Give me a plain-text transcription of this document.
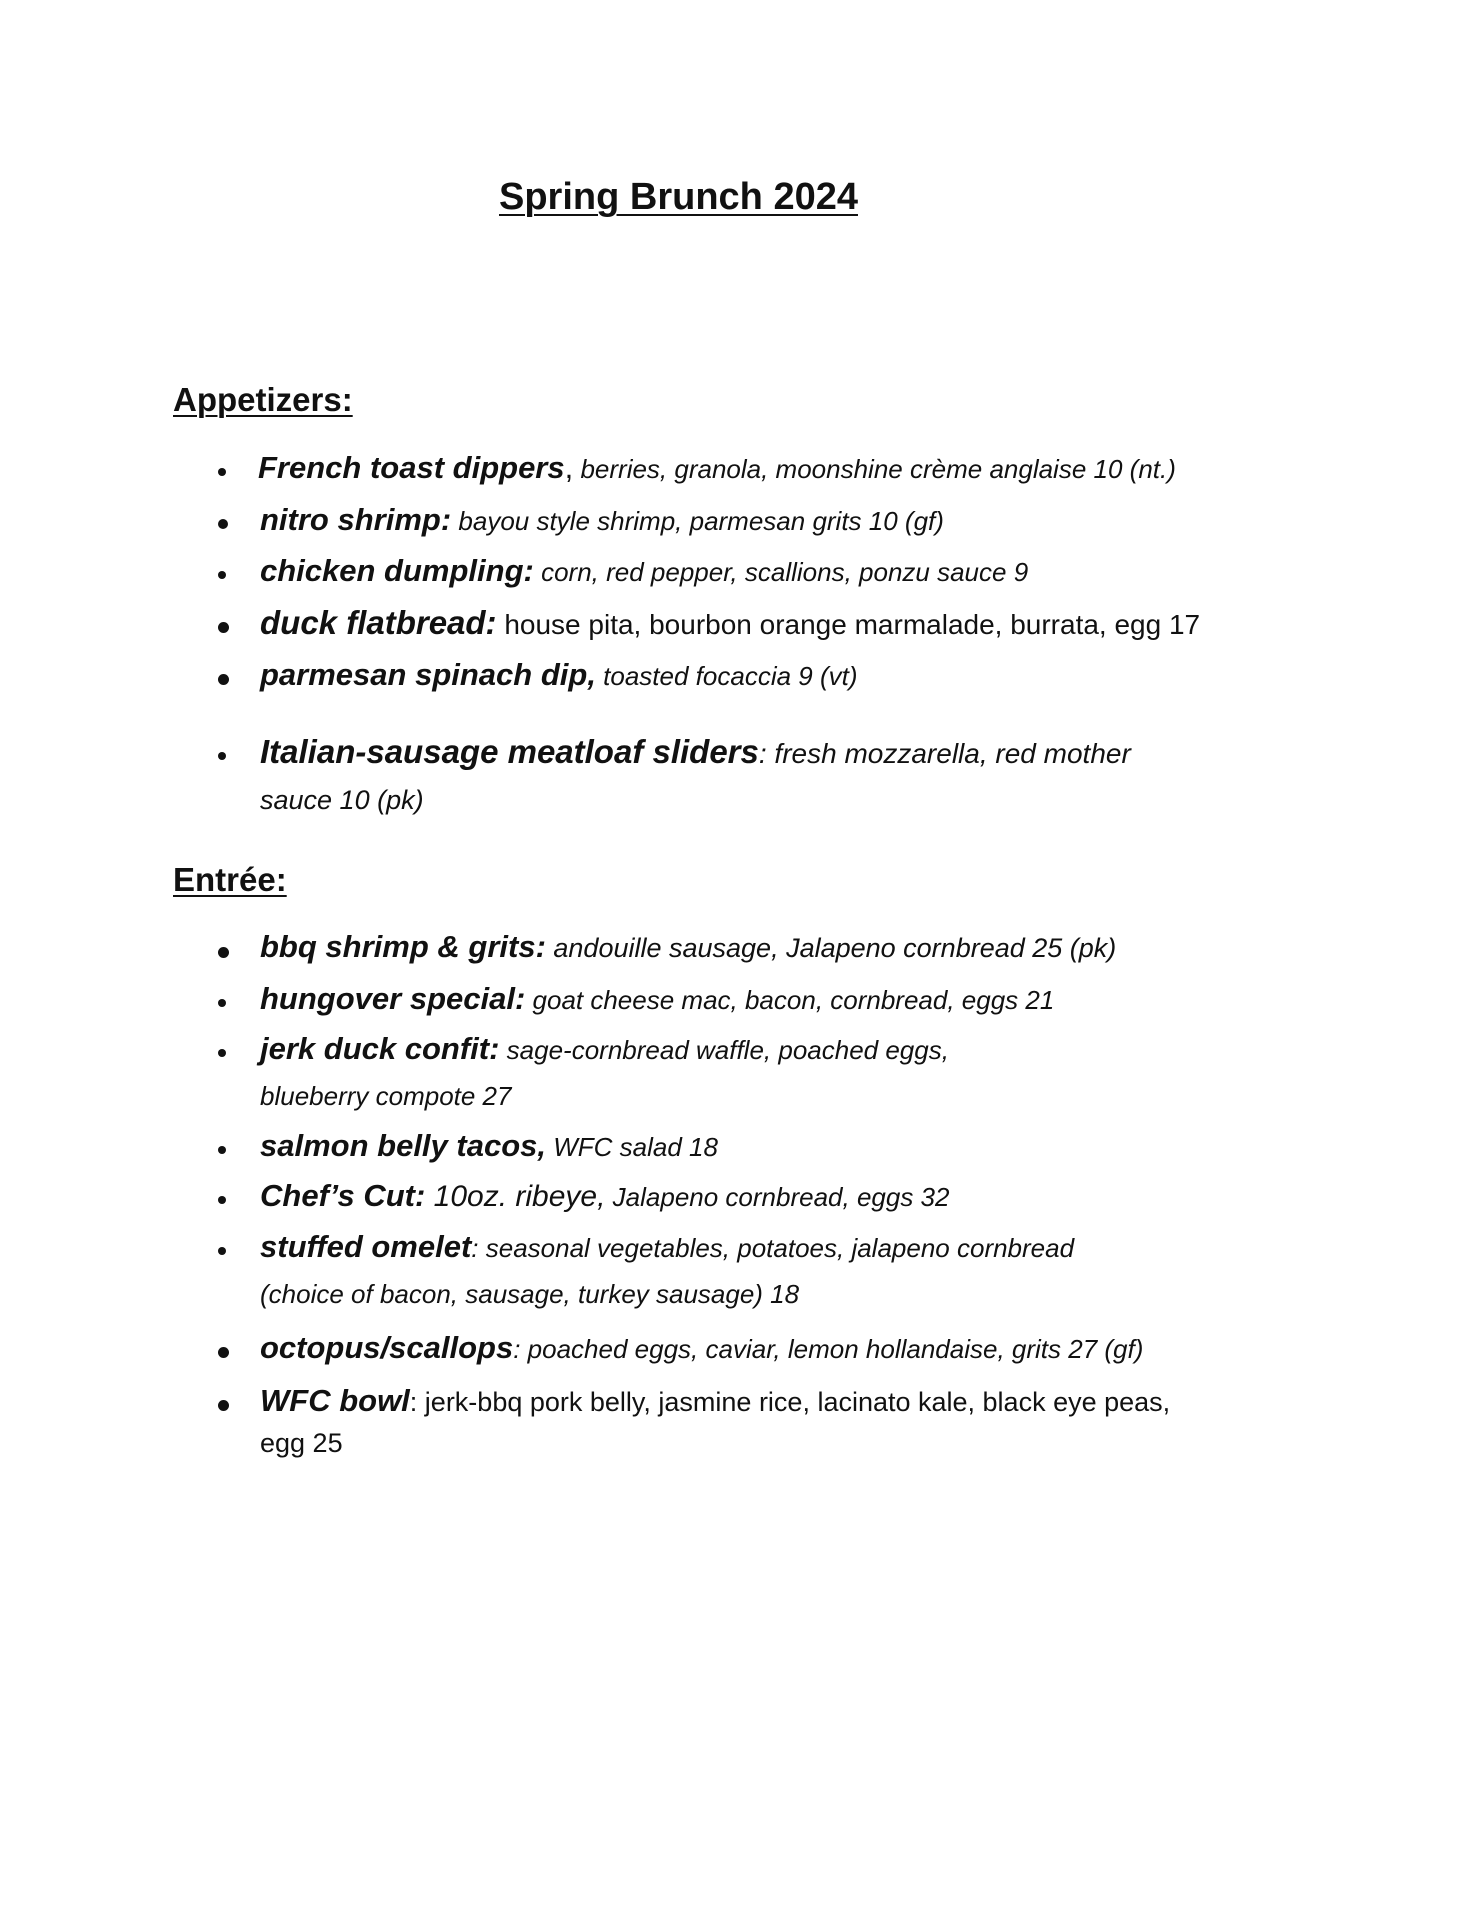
Spring Brunch 2024
Appetizers:
French toast dippers, berries, granola, moonshine crème anglaise 10 (nt.)
nitro shrimp: bayou style shrimp, parmesan grits 10 (gf)
chicken dumpling: corn, red pepper, scallions, ponzu sauce 9
duck flatbread: house pita, bourbon orange marmalade, burrata, egg 17
parmesan spinach dip, toasted focaccia 9 (vt)
Italian-sausage meatloaf sliders: fresh mozzarella, red mother
sauce 10 (pk)
Entrée:
bbq shrimp & grits: andouille sausage, Jalapeno cornbread 25 (pk)
hungover special: goat cheese mac, bacon, cornbread, eggs 21
jerk duck confit: sage-cornbread waffle, poached eggs,
blueberry compote 27
salmon belly tacos, WFC salad 18
Chef’s Cut: 10oz. ribeye, Jalapeno cornbread, eggs 32
stuffed omelet: seasonal vegetables, potatoes, jalapeno cornbread
(choice of bacon, sausage, turkey sausage) 18
octopus/scallops: poached eggs, caviar, lemon hollandaise, grits 27 (gf)
WFC bowl: jerk-bbq pork belly, jasmine rice, lacinato kale, black eye peas,
egg 25
